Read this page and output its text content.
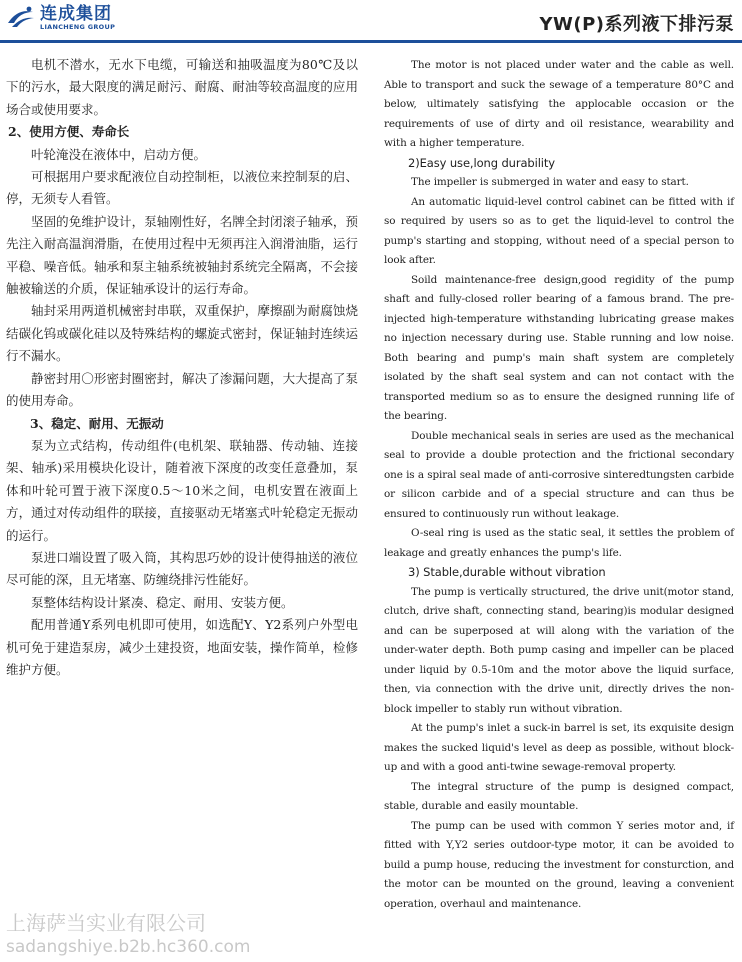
连成集团
LIANCHENG GROUP	YW(P)系列液下排污泵

电机不潜水，无水下电缆，可输送和抽吸温度为80℃及以下的污水，最大限度的满足耐污、耐腐、耐油等较高温度的应用场合或使用要求。

2、使用方便、寿命长

叶轮淹没在液体中，启动方便。

可根据用户要求配液位自动控制柜，以液位来控制泵的启、停，无须专人看管。

坚固的免维护设计，泵轴刚性好，名牌全封闭滚子轴承，预先注入耐高温润滑脂，在使用过程中无须再注入润滑油脂，运行平稳、噪音低。轴承和泵主轴系统被轴封系统完全隔离，不会接触被输送的介质，保证轴承设计的运行寿命。

轴封采用两道机械密封串联，双重保护，摩擦副为耐腐蚀烧结碳化钨或碳化硅以及特殊结构的螺旋式密封，保证轴封连续运行不漏水。

静密封用〇形密封圈密封，解决了渗漏问题，大大提高了泵的使用寿命。

3、稳定、耐用、无振动

泵为立式结构，传动组件(电机架、联轴器、传动轴、连接架、轴承)采用模块化设计，随着液下深度的改变任意叠加，泵体和叶轮可置于液下深度0.5～10米之间，电机安置在液面上方，通过对传动组件的联接，直接驱动无堵塞式叶轮稳定无振动的运行。

泵进口端设置了吸入筒，其构思巧妙的设计使得抽送的液位尽可能的深，且无堵塞、防缠绕排污性能好。

泵整体结构设计紧凑、稳定、耐用、安装方便。

配用普通Y系列电机即可使用，如选配Y、Y2系列户外型电机可免于建造泵房，减少土建投资，地面安装，操作简单，检修维护方便。

The motor is not placed under water and the cable as well. Able to transport and suck the sewage of a temperature 80°C and below, ultimately satisfying the applocable occasion or the requirements of use of dirty and oil resistance, wearability and with a higher temperature.

2)Easy use,long durability

The impeller is submerged in water and easy to start.

An automatic liquid-level control cabinet can be fitted with if so required by users so as to get the liquid-level to control the pump's starting and stopping, without need of a special person to look after.

Soild maintenance-free design,good regidity of the pump shaft and fully-closed roller bearing of a famous brand. The pre-injected high-temperature withstanding lubricating grease makes no injection necessary during use. Stable running and low noise. Both bearing and pump's main shaft system are completely isolated by the shaft seal system and can not contact with the transported medium so as to ensure the designed running life of the bearing.

Double mechanical seals in series are used as the mechanical seal to provide a double protection and the frictional secondary one is a spiral seal made of anti-corrosive sinteredtungsten carbide or silicon carbide and of a special structure and can thus be ensured to continuously run without leakage.

O-seal ring is used as the static seal, it settles the problem of leakage and greatly enhances the pump's life.

3) Stable,durable without vibration

The pump is vertically structured, the drive unit(motor stand, clutch, drive shaft, connecting stand, bearing)is modular designed and can be superposed at will along with the variation of the under-water depth. Both pump casing and impeller can be placed under liquid by 0.5-10m and the motor above the liquid surface, then, via connection with the drive unit, directly drives the non-block impeller to stably run without vibration.

At the pump's inlet a suck-in barrel is set, its exquisite design makes the sucked liquid's level as deep as possible, without block-up and with a good anti-twine sewage-removal property.

The integral structure of the pump is designed compact, stable, durable and easily mountable.

The pump can be used with common Y series motor and, if fitted with Y,Y2 series outdoor-type motor, it can be avoided to build a pump house, reducing the investment for consturction, and the motor can be mounted on the ground, leaving a convenient operation, overhaul and maintenance.

上海萨当实业有限公司
sadangshiye.b2b.hc360.com
